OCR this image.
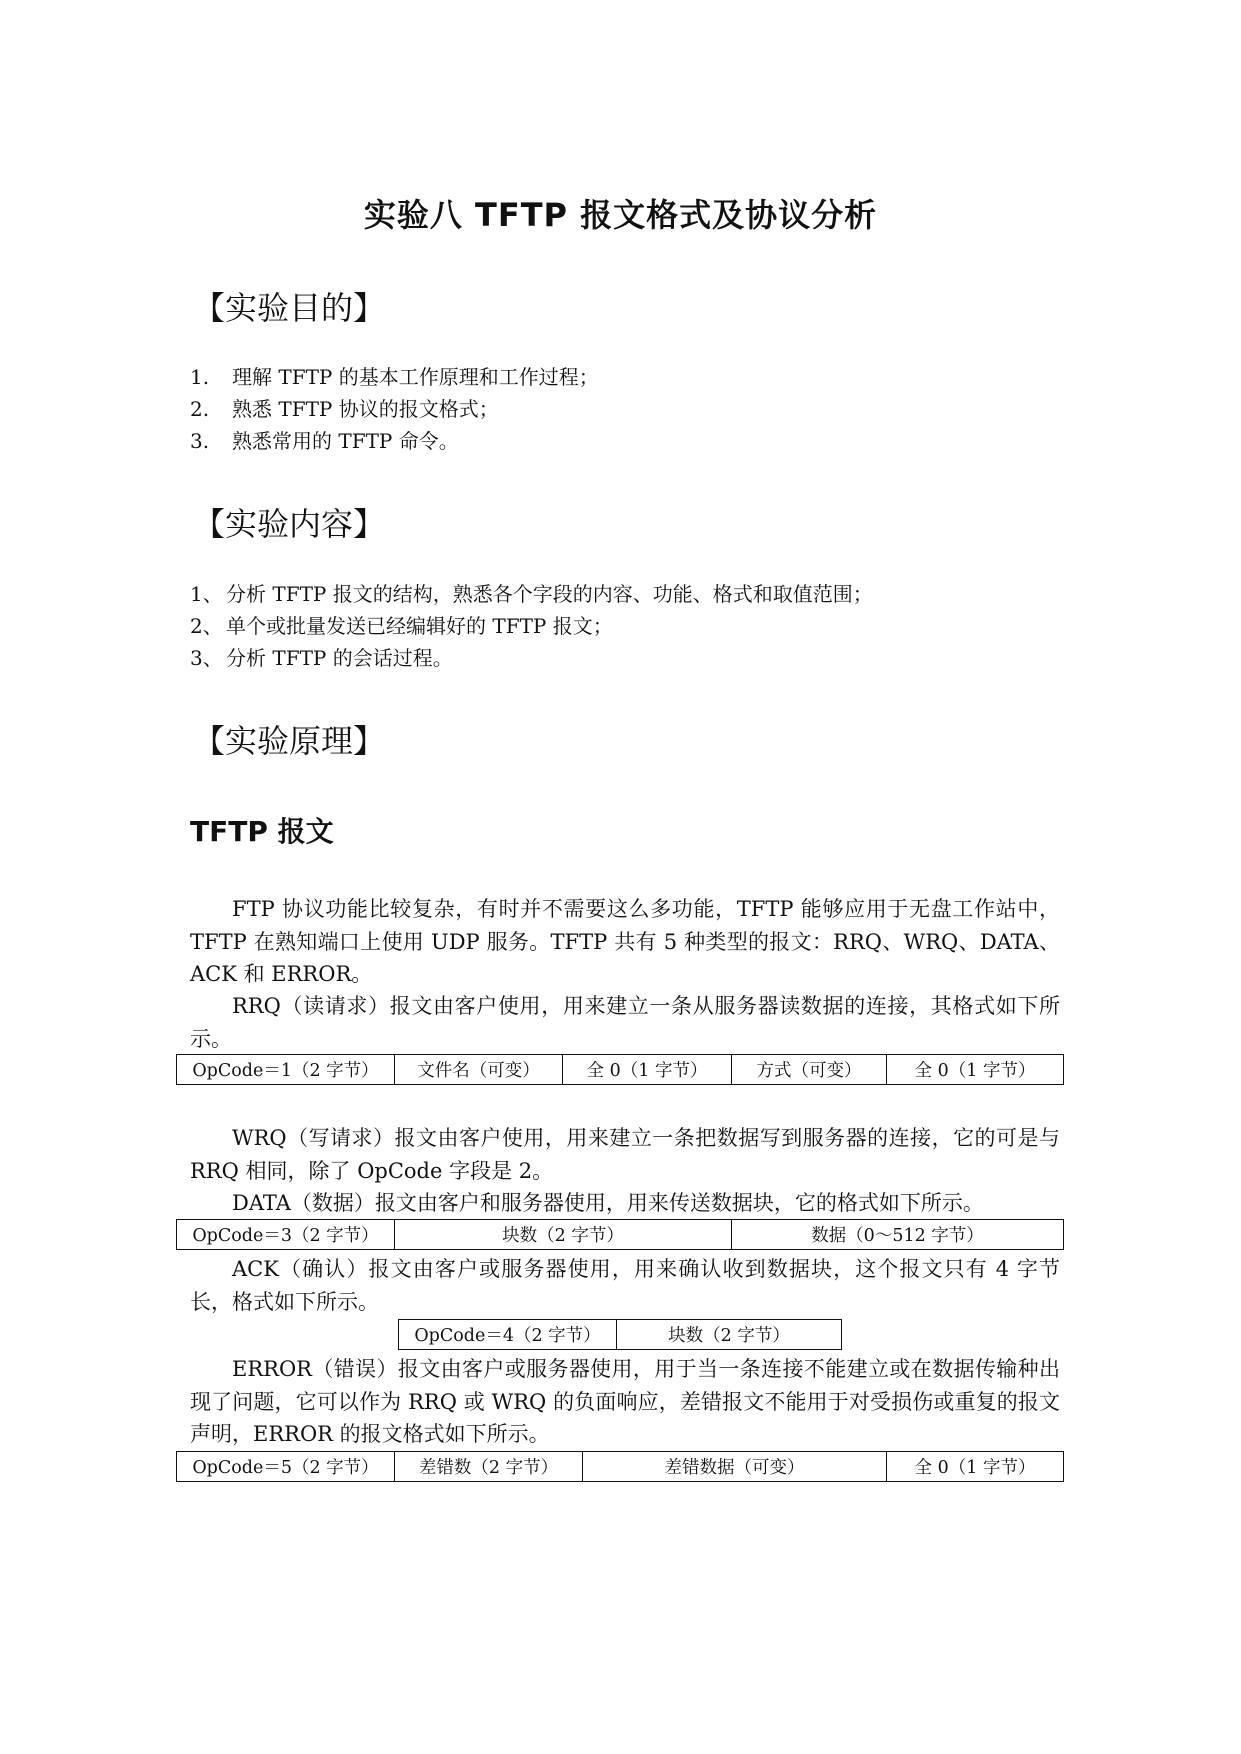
实验八 TFTP 报文格式及协议分析
【实验目的】
1. 理解 TFTP 的基本工作原理和工作过程；
2. 熟悉 TFTP 协议的报文格式；
3. 熟悉常用的 TFTP 命令。
【实验内容】
1、 分析 TFTP 报文的结构，熟悉各个字段的内容、功能、格式和取值范围；
2、 单个或批量发送已经编辑好的 TFTP 报文；
3、 分析 TFTP 的会话过程。
【实验原理】
TFTP 报文

FTP 协议功能比较复杂，有时并不需要这么多功能，TFTP 能够应用于无盘工作站中，TFTP 在熟知端口上使用 UDP 服务。TFTP 共有 5 种类型的报文：RRQ、WRQ、DATA、ACK 和 ERROR。

RRQ（读请求）报文由客户使用，用来建立一条从服务器读数据的连接，其格式如下所示。

OpCode＝1（2 字节）	文件名（可变）	全 0（1 字节）	方式（可变）	全 0（1 字节）

WRQ（写请求）报文由客户使用，用来建立一条把数据写到服务器的连接，它的可是与 RRQ 相同，除了 OpCode 字段是 2。

DATA（数据）报文由客户和服务器使用，用来传送数据块，它的格式如下所示。

OpCode＝3（2 字节）	块数（2 字节）	数据（0～512 字节）

ACK（确认）报文由客户或服务器使用，用来确认收到数据块，这个报文只有 4 字节长，格式如下所示。

OpCode＝4（2 字节）	块数（2 字节）

ERROR（错误）报文由客户或服务器使用，用于当一条连接不能建立或在数据传输种出现了问题，它可以作为 RRQ 或 WRQ 的负面响应，差错报文不能用于对受损伤或重复的报文声明，ERROR 的报文格式如下所示。

OpCode＝5（2 字节）	差错数（2 字节）	差错数据（可变）	全 0（1 字节）
